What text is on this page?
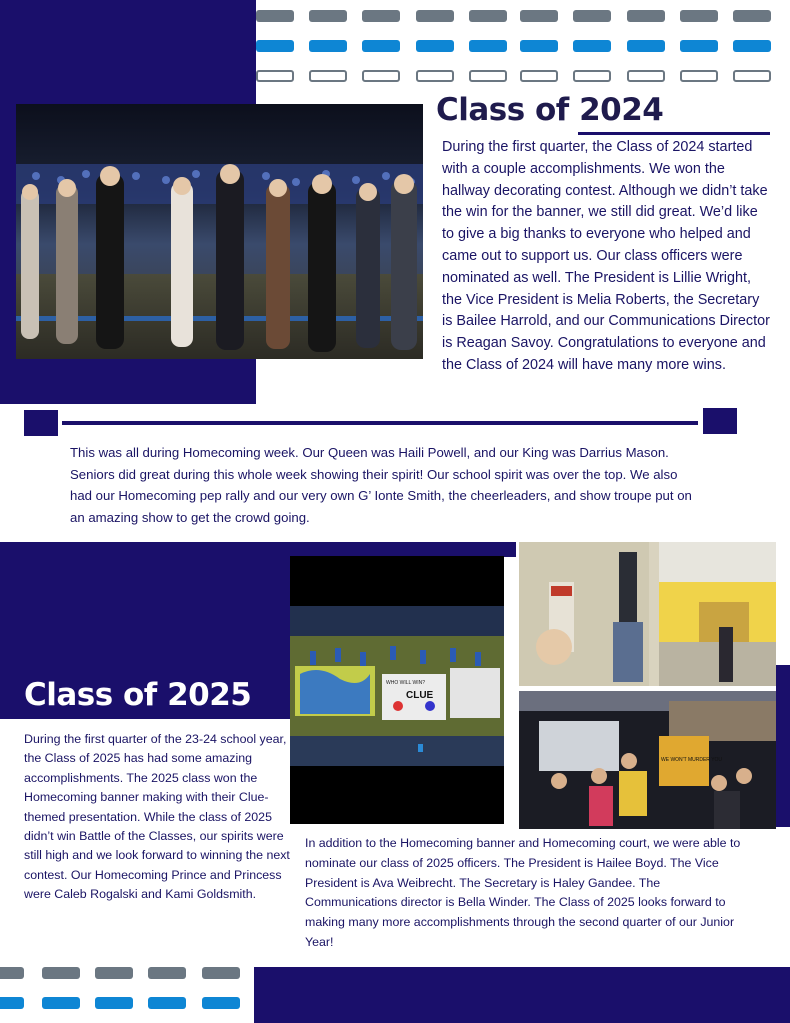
Class of 2024

During the first quarter, the Class of 2024 started with a couple accomplishments. We won the hallway decorating contest. Although we didn’t take the win for the banner, we still did great. We’d like to give a big thanks to everyone who helped and came out to support us. Our class officers were nominated as well. The President is Lillie Wright, the Vice President is Melia Roberts, the Secretary is Bailee Harrold, and our Communications Director is Reagan Savoy. Congratulations to everyone and the Class of 2024 will have many more wins.

This was all during Homecoming week. Our Queen was Haili Powell, and our King was Darrius Mason. Seniors did great during this whole week showing their spirit! Our school spirit was over the top. We also had our Homecoming pep rally and our very own G’ Ionte Smith, the cheerleaders, and show troupe put on an amazing show to get the crowd going.

Class of 2025	WHO WILL WIN?
CLUE
WE WON'T MURDER YOU

During the first quarter of the 23-24 school year, the Class of 2025 has had some amazing accomplishments. The 2025 class won the Homecoming banner making with their Clue-themed presentation. While the class of 2025 didn’t win Battle of the Classes, our spirits were still high and we look forward to winning the next contest. Our Homecoming Prince and Princess were Caleb Rogalski and Kami Goldsmith.

In addition to the Homecoming banner and Homecoming court, we were able to nominate our class of 2025 officers. The President is Hailee Boyd. The Vice President is Ava Weibrecht. The Secretary is Haley Gandee. The Communications director is Bella Winder. The Class of 2025 looks forward to making many more accomplishments through the second quarter of our Junior Year!
